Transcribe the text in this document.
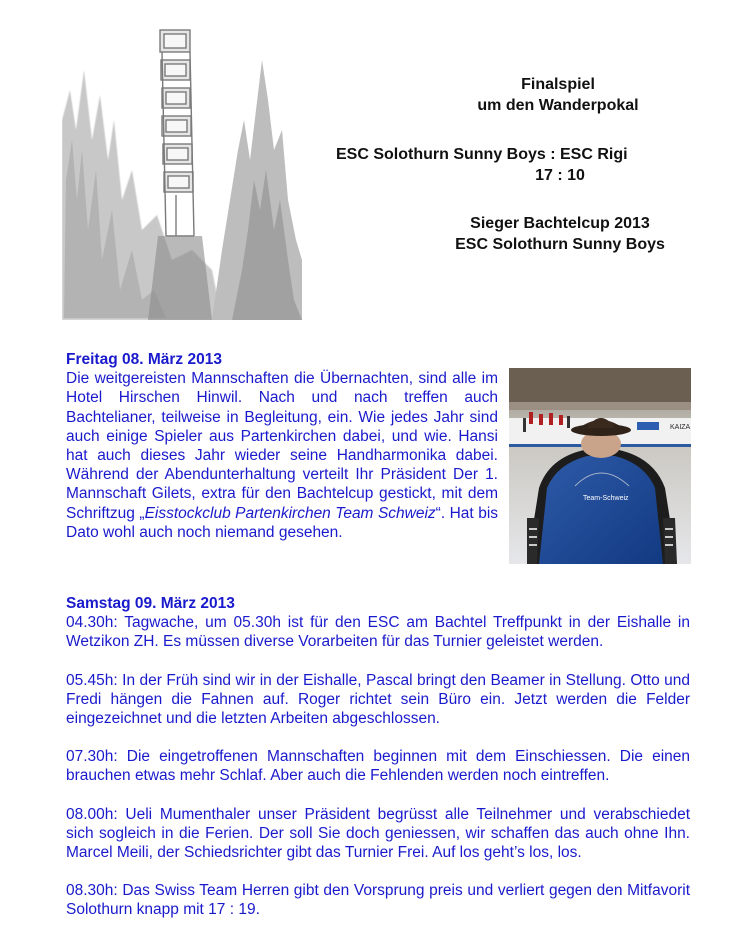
Finalspiel
um den Wanderpokal
ESC Solothurn Sunny Boys : ESC Rigi
17 : 10
Sieger Bachtelcup 2013
ESC Solothurn Sunny Boys
Freitag 08. März 2013

Die weitgereisten Mannschaften die Übernachten, sind alle im Hotel Hirschen Hinwil. Nach und nach treffen auch Bachtelianer, teilweise in Begleitung, ein. Wie jedes Jahr sind auch einige Spieler aus Partenkirchen dabei, und wie. Hansi hat auch dieses Jahr wieder seine Handharmonika dabei. Während der Abendunterhaltung verteilt Ihr Präsident Der 1. Mannschaft Gilets, extra für den Bachtelcup gestickt, mit dem Schriftzug „Eisstockclub Partenkirchen Team Schweiz“. Hat bis Dato wohl auch noch niemand gesehen.

KAIZA
Team-Schweiz
Samstag 09. März 2013

04.30h: Tagwache, um 05.30h ist für den ESC am Bachtel Treffpunkt in der Eishalle in Wetzikon ZH. Es müssen diverse Vorarbeiten für das Turnier geleistet werden.

05.45h: In der Früh sind wir in der Eishalle, Pascal bringt den Beamer in Stellung. Otto und Fredi hängen die Fahnen auf. Roger richtet sein Büro ein. Jetzt werden die Felder eingezeichnet und die letzten Arbeiten abgeschlossen.

07.30h: Die eingetroffenen Mannschaften beginnen mit dem Einschiessen. Die einen brauchen etwas mehr Schlaf. Aber auch die Fehlenden werden noch eintreffen.

08.00h: Ueli Mumenthaler unser Präsident begrüsst alle Teilnehmer und verabschiedet sich sogleich in die Ferien. Der soll Sie doch geniessen, wir schaffen das auch ohne Ihn. Marcel Meili, der Schiedsrichter gibt das Turnier Frei. Auf los geht’s los, los.

08.30h: Das Swiss Team Herren gibt den Vorsprung preis und verliert gegen den Mitfavorit Solothurn knapp mit 17 : 19.
